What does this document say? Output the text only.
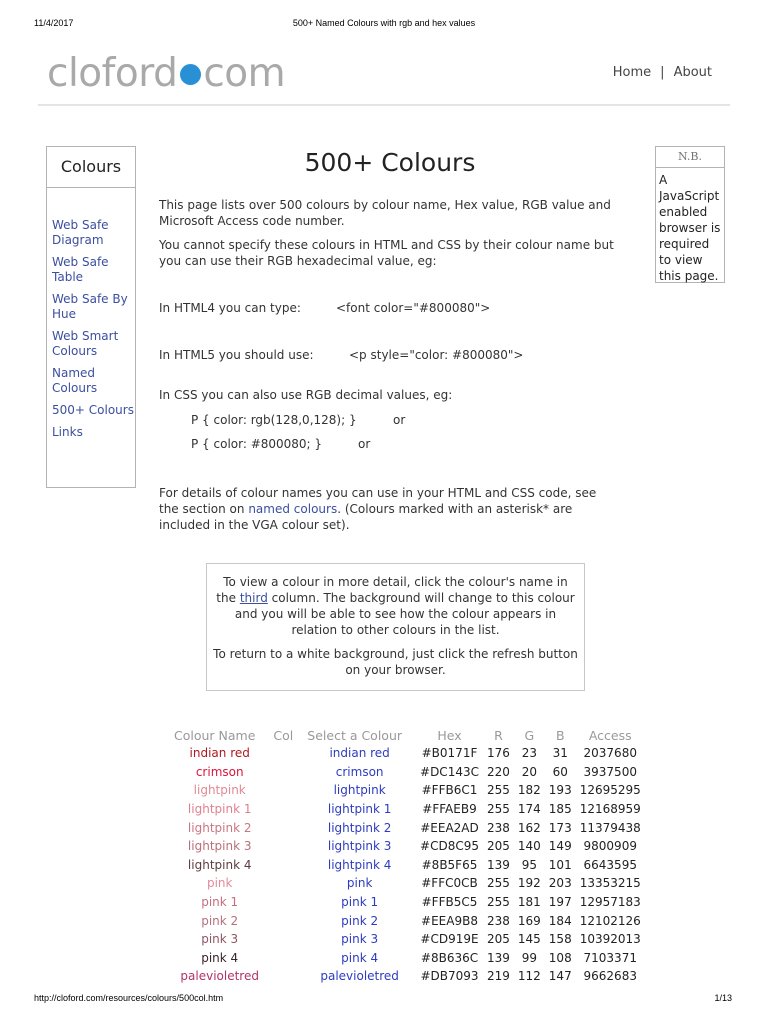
11/4/2017	500+ Named Colours with rgb and hex values
cloford com	Home | About
Colours
Web Safe Diagram
Web Safe Table
Web Safe By Hue
Web Smart Colours
Named Colours
500+ Colours
Links
500+ Colours

This page lists over 500 colours by colour name, Hex value, RGB value and Microsoft Access code number.

You cannot specify these colours in HTML and CSS by their colour name but you can use their RGB hexadecimal value, eg:

In HTML4 you can type:	<font color="#800080">
In HTML5 you should use:	<p style="color: #800080">
In CSS you can also use RGB decimal values, eg:
P { color: rgb(128,0,128); }	or
P { color: #800080; }	or

For details of colour names you can use in your HTML and CSS code, see the section on named colours. (Colours marked with an asterisk* are included in the VGA colour set).

N.B.
A JavaScript enabled browser is required to view this page.

To view a colour in more detail, click the colour's name in the third column. The background will change to this colour and you will be able to see how the colour appears in relation to other colours in the list.

To return to a white background, just click the refresh button on your browser.

Colour Name	Col	Select a Colour	Hex	R	G	B	Access
indian red		indian red	#B0171F	176	23	31	2037680
crimson		crimson	#DC143C	220	20	60	3937500
lightpink		lightpink	#FFB6C1	255	182	193	12695295
lightpink 1		lightpink 1	#FFAEB9	255	174	185	12168959
lightpink 2		lightpink 2	#EEA2AD	238	162	173	11379438
lightpink 3		lightpink 3	#CD8C95	205	140	149	9800909
lightpink 4		lightpink 4	#8B5F65	139	95	101	6643595
pink		pink	#FFC0CB	255	192	203	13353215
pink 1		pink 1	#FFB5C5	255	181	197	12957183
pink 2		pink 2	#EEA9B8	238	169	184	12102126
pink 3		pink 3	#CD919E	205	145	158	10392013
pink 4		pink 4	#8B636C	139	99	108	7103371
palevioletred		palevioletred	#DB7093	219	112	147	9662683
http://cloford.com/resources/colours/500col.htm	1/13
